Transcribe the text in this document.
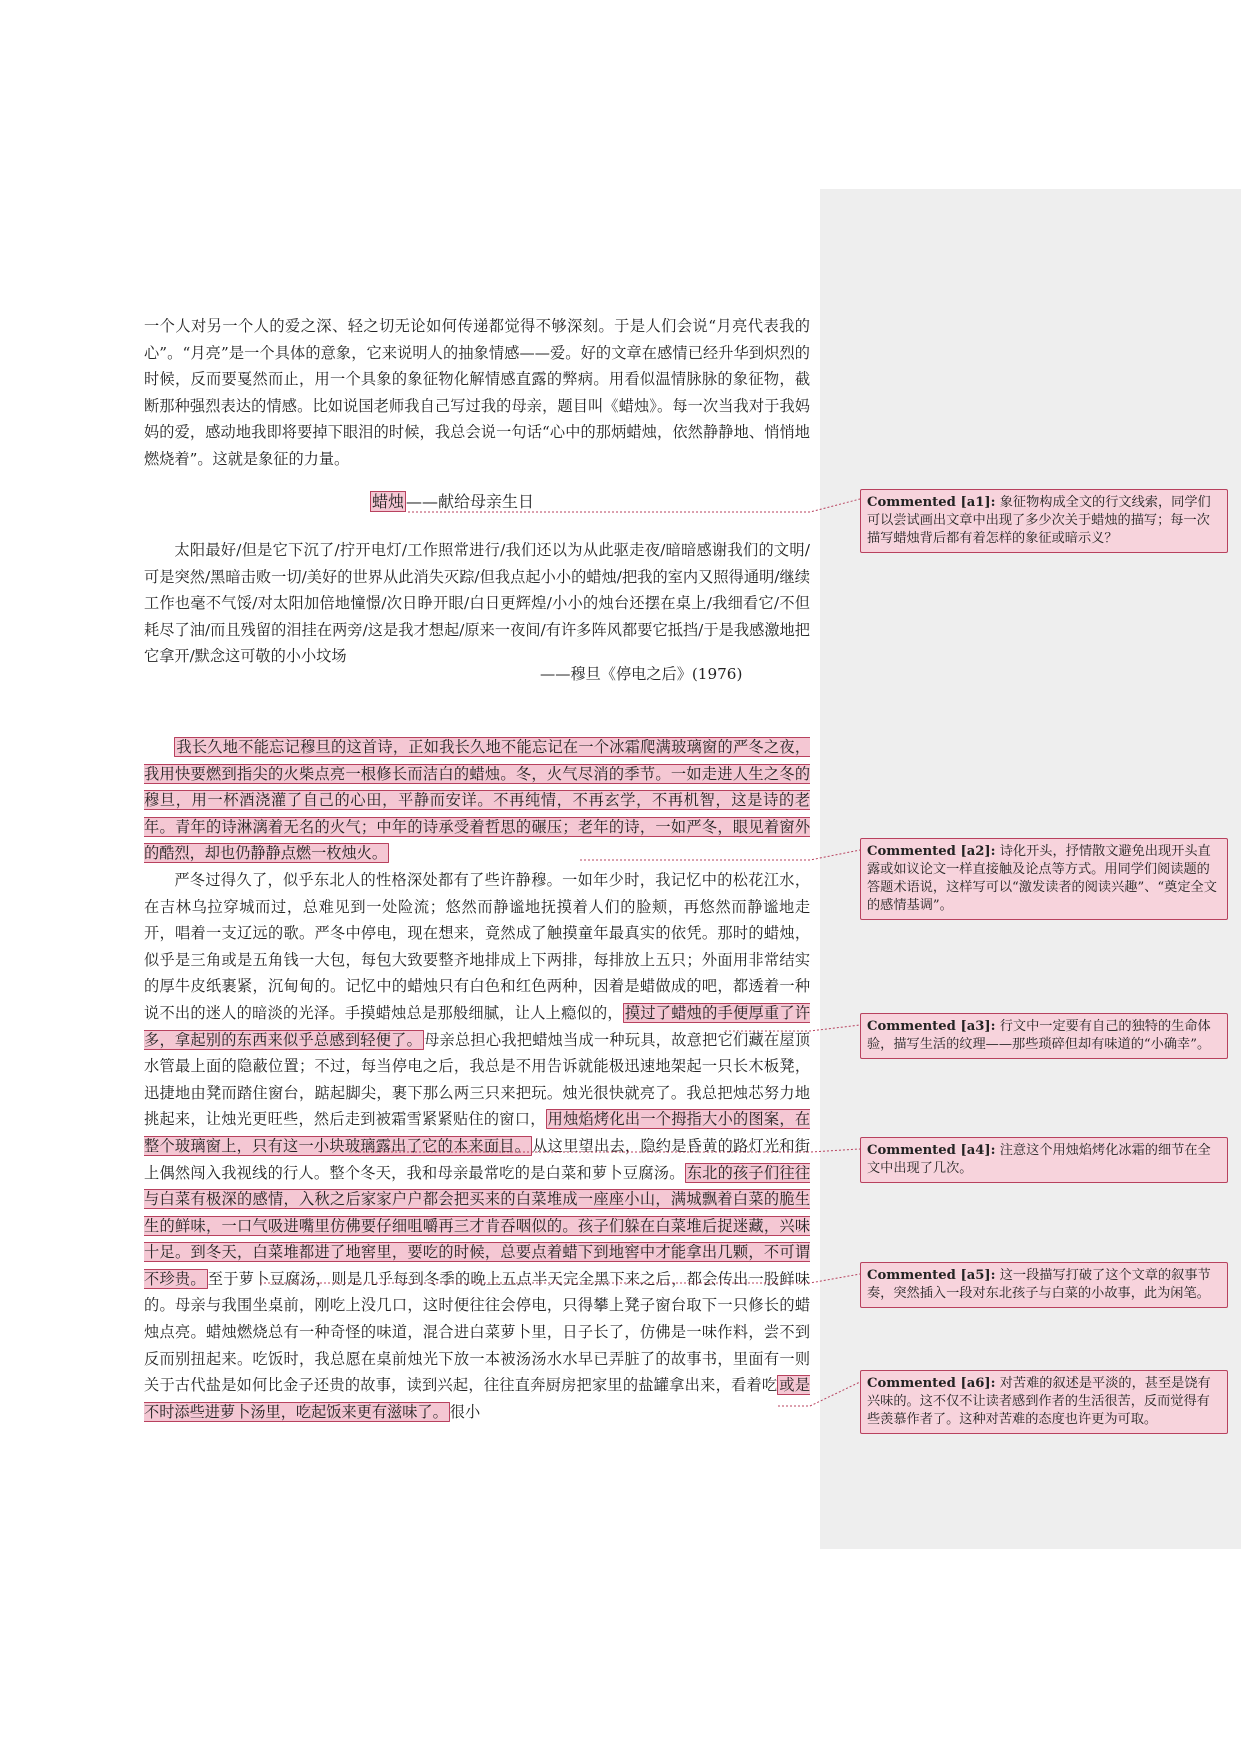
一个人对另一个人的爱之深、轻之切无论如何传递都觉得不够深刻。于是人们会说“月亮代表我的心”。“月亮”是一个具体的意象，它来说明人的抽象情感——爱。好的文章在感情已经升华到炽烈的时候，反而要戛然而止，用一个具象的象征物化解情感直露的弊病。用看似温情脉脉的象征物，截断那种强烈表达的情感。比如说国老师我自己写过我的母亲，题目叫《蜡烛》。每一次当我对于我妈妈的爱，感动地我即将要掉下眼泪的时候，我总会说一句话“心中的那炳蜡烛，依然静静地、悄悄地燃烧着”。这就是象征的力量。
蜡烛 ——献给母亲生日
太阳最好/但是它下沉了/拧开电灯/工作照常进行/我们还以为从此驱走夜/暗暗感谢我们的文明/可是突然/黑暗击败一切/美好的世界从此消失灭踪/但我点起小小的蜡烛/把我的室内又照得通明/继续工作也毫不气馁/对太阳加倍地憧憬/次日睁开眼/白日更辉煌/小小的烛台还摆在桌上/我细看它/不但耗尽了油/而且残留的泪挂在两旁/这是我才想起/原来一夜间/有许多阵风都要它抵挡/于是我感激地把它拿开/默念这可敬的小小坟场
——穆旦《停电之后》(1976)

我长久地不能忘记穆旦的这首诗，正如我长久地不能忘记在一个冰霜爬满玻璃窗的严冬之夜，我用快要燃到指尖的火柴点亮一根修长而洁白的蜡烛。冬，火气尽消的季节。一如走进人生之冬的穆旦，用一杯酒浇灌了自己的心田，平静而安详。不再纯情，不再玄学，不再机智，这是诗的老年。青年的诗淋漓着无名的火气；中年的诗承受着哲思的碾压；老年的诗，一如严冬，眼见着窗外的酷烈，却也仍静静点燃一枚烛火。

严冬过得久了，似乎东北人的性格深处都有了些许静穆。一如年少时，我记忆中的松花江水，在吉林乌拉穿城而过，总难见到一处险流；悠然而静谧地抚摸着人们的脸颊，再悠然而静谧地走开，唱着一支辽远的歌。严冬中停电，现在想来，竟然成了触摸童年最真实的依凭。那时的蜡烛，似乎是三角或是五角钱一大包，每包大致要整齐地排成上下两排，每排放上五只；外面用非常结实的厚牛皮纸裹紧，沉甸甸的。记忆中的蜡烛只有白色和红色两种，因着是蜡做成的吧，都透着一种说不出的迷人的暗淡的光泽。手摸蜡烛总是那般细腻，让人上瘾似的， 摸过了蜡烛的手便厚重了许多，拿起别的东西来似乎总感到轻便了。 母亲总担心我把蜡烛当成一种玩具，故意把它们藏在屋顶水管最上面的隐蔽位置；不过，每当停电之后，我总是不用告诉就能极迅速地架起一只长木板凳，迅捷地由凳而踏住窗台，踮起脚尖，裹下那么两三只来把玩。烛光很快就亮了。我总把烛芯努力地挑起来，让烛光更旺些，然后走到被霜雪紧紧贴住的窗口， 用烛焰烤化出一个拇指大小的图案，在整个玻璃窗上，只有这一小块玻璃露出了它的本来面目。 从这里望出去，隐约是昏黄的路灯光和街上偶然闯入我视线的行人。整个冬天，我和母亲最常吃的是白菜和萝卜豆腐汤。 东北的孩子们往往与白菜有极深的感情，入秋之后家家户户都会把买来的白菜堆成一座座小山，满城飘着白菜的脆生生的鲜味，一口气吸进嘴里仿佛要仔细咀嚼再三才肯吞咽似的。孩子们躲在白菜堆后捉迷藏，兴味十足。到冬天，白菜堆都进了地窖里，要吃的时候，总要点着蜡下到地窖中才能拿出几颗，不可谓不珍贵。 至于萝卜豆腐汤，则是几乎每到冬季的晚上五点半天完全黑下来之后，都会传出一股鲜味的。母亲与我围坐桌前，刚吃上没几口，这时便往往会停电，只得攀上凳子窗台取下一只修长的蜡烛点亮。蜡烛燃烧总有一种奇怪的味道，混合进白菜萝卜里，日子长了，仿佛是一味作料，尝不到反而别扭起来。吃饭时，我总愿在桌前烛光下放一本被汤汤水水早已弄脏了的故事书，里面有一则关于古代盐是如何比金子还贵的故事，读到兴起，往往直奔厨房把家里的盐罐拿出来，看着吃 或是不时添些进萝卜汤里，吃起饭来更有滋味了。 很小

Commented [a1]: 象征物构成全文的行文线索，同学们可以尝试画出文章中出现了多少次关于蜡烛的描写；每一次描写蜡烛背后都有着怎样的象征或暗示义？
Commented [a2]: 诗化开头，抒情散文避免出现开头直露或如议论文一样直接触及论点等方式。用同学们阅读题的答题术语说，这样写可以“激发读者的阅读兴趣”、“奠定全文的感情基调”。
Commented [a3]: 行文中一定要有自己的独特的生命体验，描写生活的纹理——那些琐碎但却有味道的“小确幸”。
Commented [a4]: 注意这个用烛焰烤化冰霜的细节在全文中出现了几次。
Commented [a5]: 这一段描写打破了这个文章的叙事节奏，突然插入一段对东北孩子与白菜的小故事，此为闲笔。
Commented [a6]: 对苦难的叙述是平淡的，甚至是饶有兴味的。这不仅不让读者感到作者的生活很苦，反而觉得有些羡慕作者了。这种对苦难的态度也许更为可取。
